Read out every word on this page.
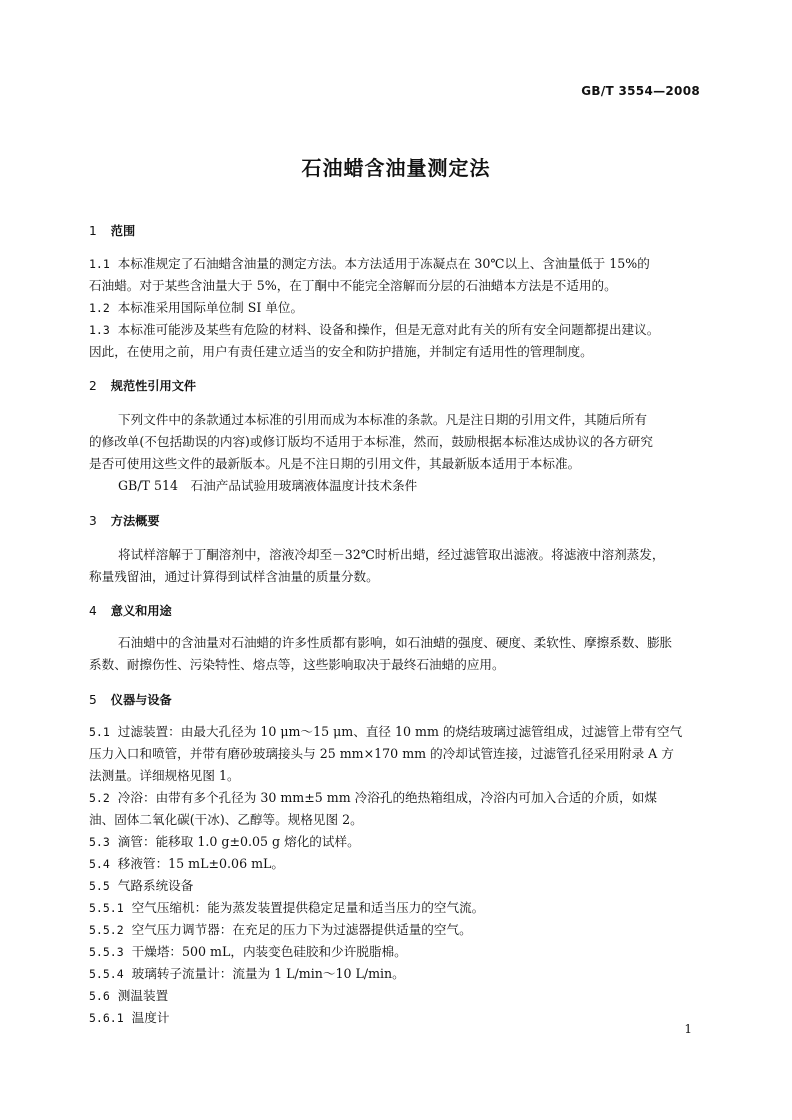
GB/T 3554—2008
石油蜡含油量测定法
1 范围
1.1 本标准规定了石油蜡含油量的测定方法。本方法适用于冻凝点在 30℃以上、含油量低于 15%的
石油蜡。对于某些含油量大于 5%，在丁酮中不能完全溶解而分层的石油蜡本方法是不适用的。
1.2 本标准采用国际单位制 SI 单位。
1.3 本标准可能涉及某些有危险的材料、设备和操作，但是无意对此有关的所有安全问题都提出建议。
因此，在使用之前，用户有责任建立适当的安全和防护措施，并制定有适用性的管理制度。
2 规范性引用文件
下列文件中的条款通过本标准的引用而成为本标准的条款。凡是注日期的引用文件，其随后所有
的修改单(不包括勘误的内容)或修订版均不适用于本标准，然而，鼓励根据本标准达成协议的各方研究
是否可使用这些文件的最新版本。凡是不注日期的引用文件，其最新版本适用于本标准。
GB/T 514　石油产品试验用玻璃液体温度计技术条件
3 方法概要
将试样溶解于丁酮溶剂中，溶液冷却至－32℃时析出蜡，经过滤管取出滤液。将滤液中溶剂蒸发，
称量残留油，通过计算得到试样含油量的质量分数。
4 意义和用途
石油蜡中的含油量对石油蜡的许多性质都有影响，如石油蜡的强度、硬度、柔软性、摩擦系数、膨胀
系数、耐擦伤性、污染特性、熔点等，这些影响取决于最终石油蜡的应用。
5 仪器与设备
5.1 过滤装置：由最大孔径为 10 μm～15 μm、直径 10 mm 的烧结玻璃过滤管组成，过滤管上带有空气
压力入口和喷管，并带有磨砂玻璃接头与 25 mm×170 mm 的冷却试管连接，过滤管孔径采用附录 A 方
法测量。详细规格见图 1。
5.2 冷浴：由带有多个孔径为 30 mm±5 mm 冷浴孔的绝热箱组成，冷浴内可加入合适的介质，如煤
油、固体二氧化碳(干冰)、乙醇等。规格见图 2。
5.3 滴管：能移取 1.0 g±0.05 g 熔化的试样。
5.4 移液管：15 mL±0.06 mL。
5.5 气路系统设备
5.5.1 空气压缩机：能为蒸发装置提供稳定足量和适当压力的空气流。
5.5.2 空气压力调节器：在充足的压力下为过滤器提供适量的空气。
5.5.3 干燥塔：500 mL，内装变色硅胶和少许脱脂棉。
5.5.4 玻璃转子流量计：流量为 1 L/min～10 L/min。
5.6 测温装置
5.6.1 温度计
1
